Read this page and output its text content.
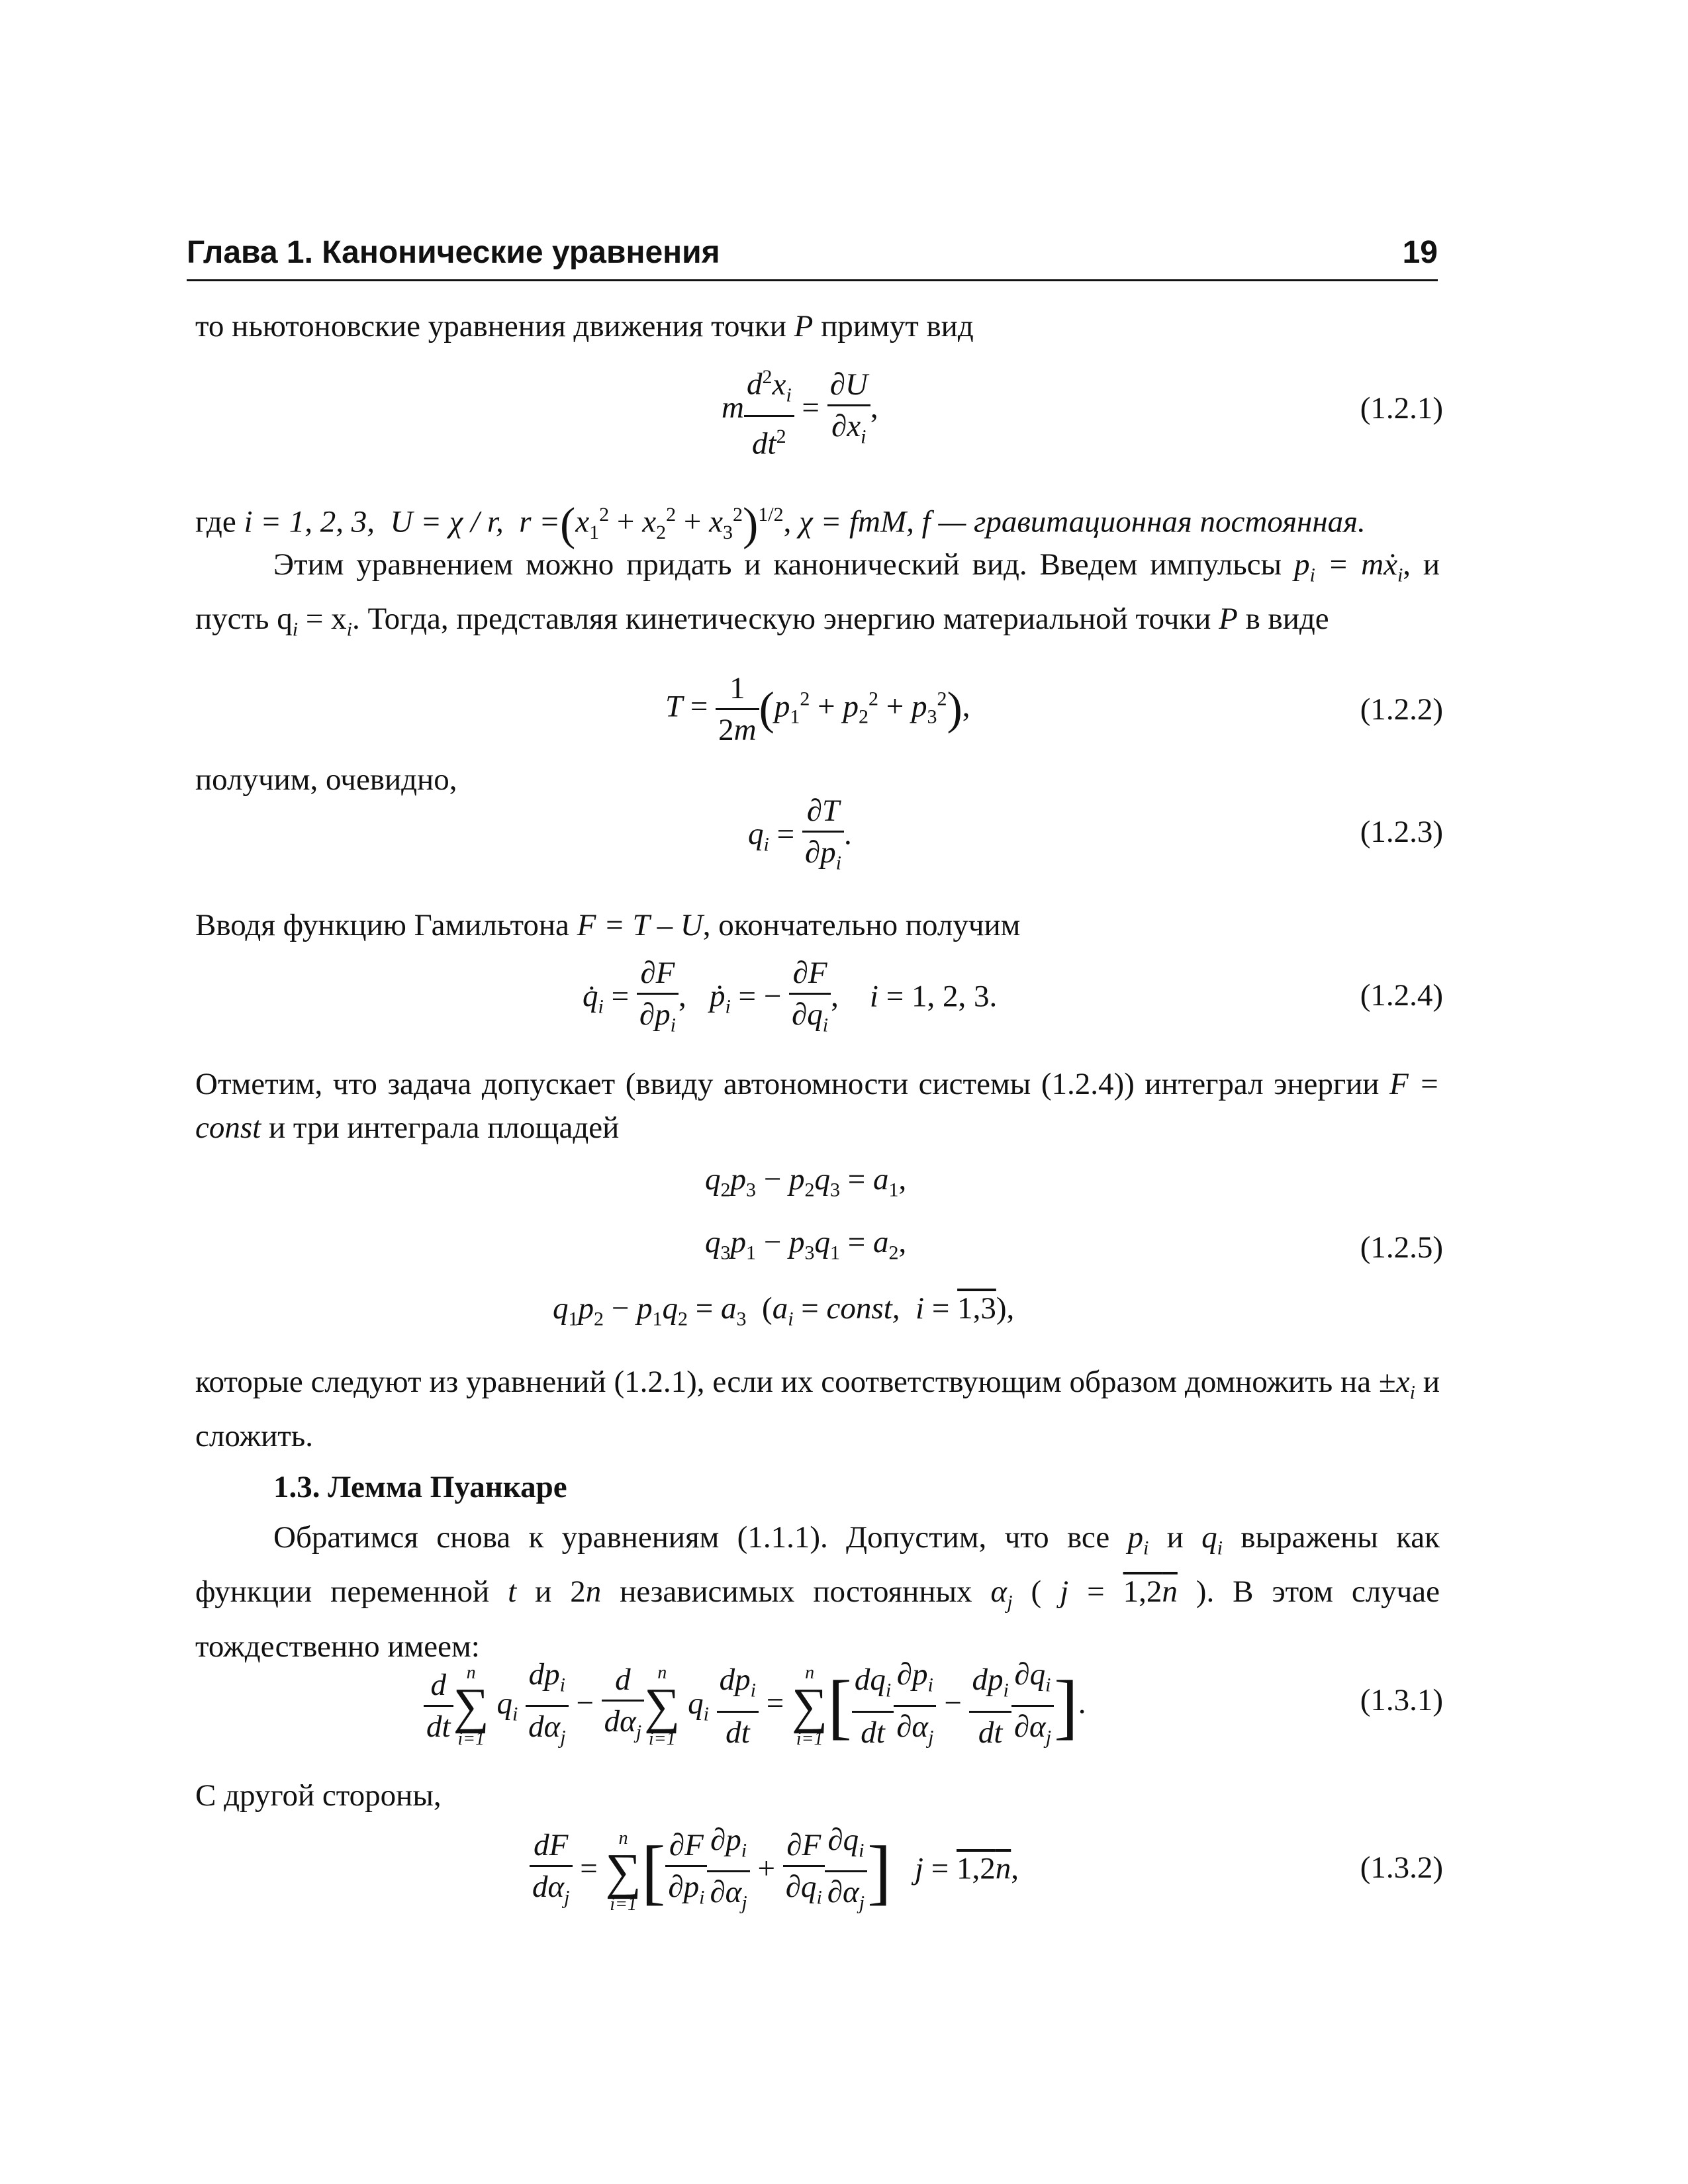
Глава 1. Канонические уравнения	19
то ньютоновские уравнения движения точки P примут вид
m $\frac{d^2x_i}{dt^2} = \frac{\partial U}{\partial x_i}$ ,	(1.2.1)
где i = 1, 2, 3,  U = χ / r,  $r =(x_1^2 + x_2^2 + x_3^2)^{1/2}$, χ = fmM, f — гравитационная постоянная.
Этим уравнением можно придать и канонический вид. Введем импульсы $p_i$ = mẋ$_i$, и пусть $q_i = x_i$. Тогда, представляя кинетическую энергию материальной точки P в виде
$T = \frac{1}{2m} (p_1^2 + p_2^2 + p_3^2)$,	(1.2.2)
получим, очевидно,
$q_i = \frac{\partial T}{\partial p_i}$ .	(1.2.3)
Вводя функцию Гамильтона F = T – U, окончательно получим
$q̇_i = \frac{\partial F}{\partial p_i}$ ,   ṗ$_i$ = − $\frac{\partial F}{\partial q_i}$ ,    i = 1, 2, 3.	(1.2.4)
Отметим, что задача допускает (ввиду автономности системы (1.2.4)) интеграл энергии F = const и три интеграла площадей
$q_2p_3 - p_2q_3 = a_1$,
$q_3p_1 - p_3q_1 = a_2$,	(1.2.5)
$q_1p_2 - p_1q_2 = a_3$  ($a_i$ = const,  i = 1,3),
которые следуют из уравнений (1.2.1), если их соответствующим образом домножить на $\pm x_i$ и сложить.
1.3. Лемма Пуанкаре
Обратимся снова к уравнениям (1.1.1). Допустим, что все $p_i$ и $q_i$ выражены как функции переменной t и 2n независимых постоянных $\alpha_j$ ( j = 1,2n ). В этом случае тождественно имеем:
$\frac{d}{dt}$ n
∑
i=1
$q_i$
$dp_i$
$d\alpha_j$
−
d
$d\alpha_j$
n
∑
i=1
$q_i$
$dp_i$
dt
=
n
∑
i=1 [ $dq_i$
dt $\frac{\partial p_i}{\partial\alpha_j}$ −
$dp_i$
dt $\frac{\partial q_i}{\partial\alpha_j}$ ].	(1.3.1)
С другой стороны,
dF
$d\alpha_j$
=
n
∑
i=1 [ $\frac{\partial F}{\partial p_i} \frac{\partial p_i}{\partial\alpha_j} + \frac{\partial F}{\partial q_i} \frac{\partial q_i}{\partial\alpha_j}$ ] j = 1,2n,	(1.3.2)
